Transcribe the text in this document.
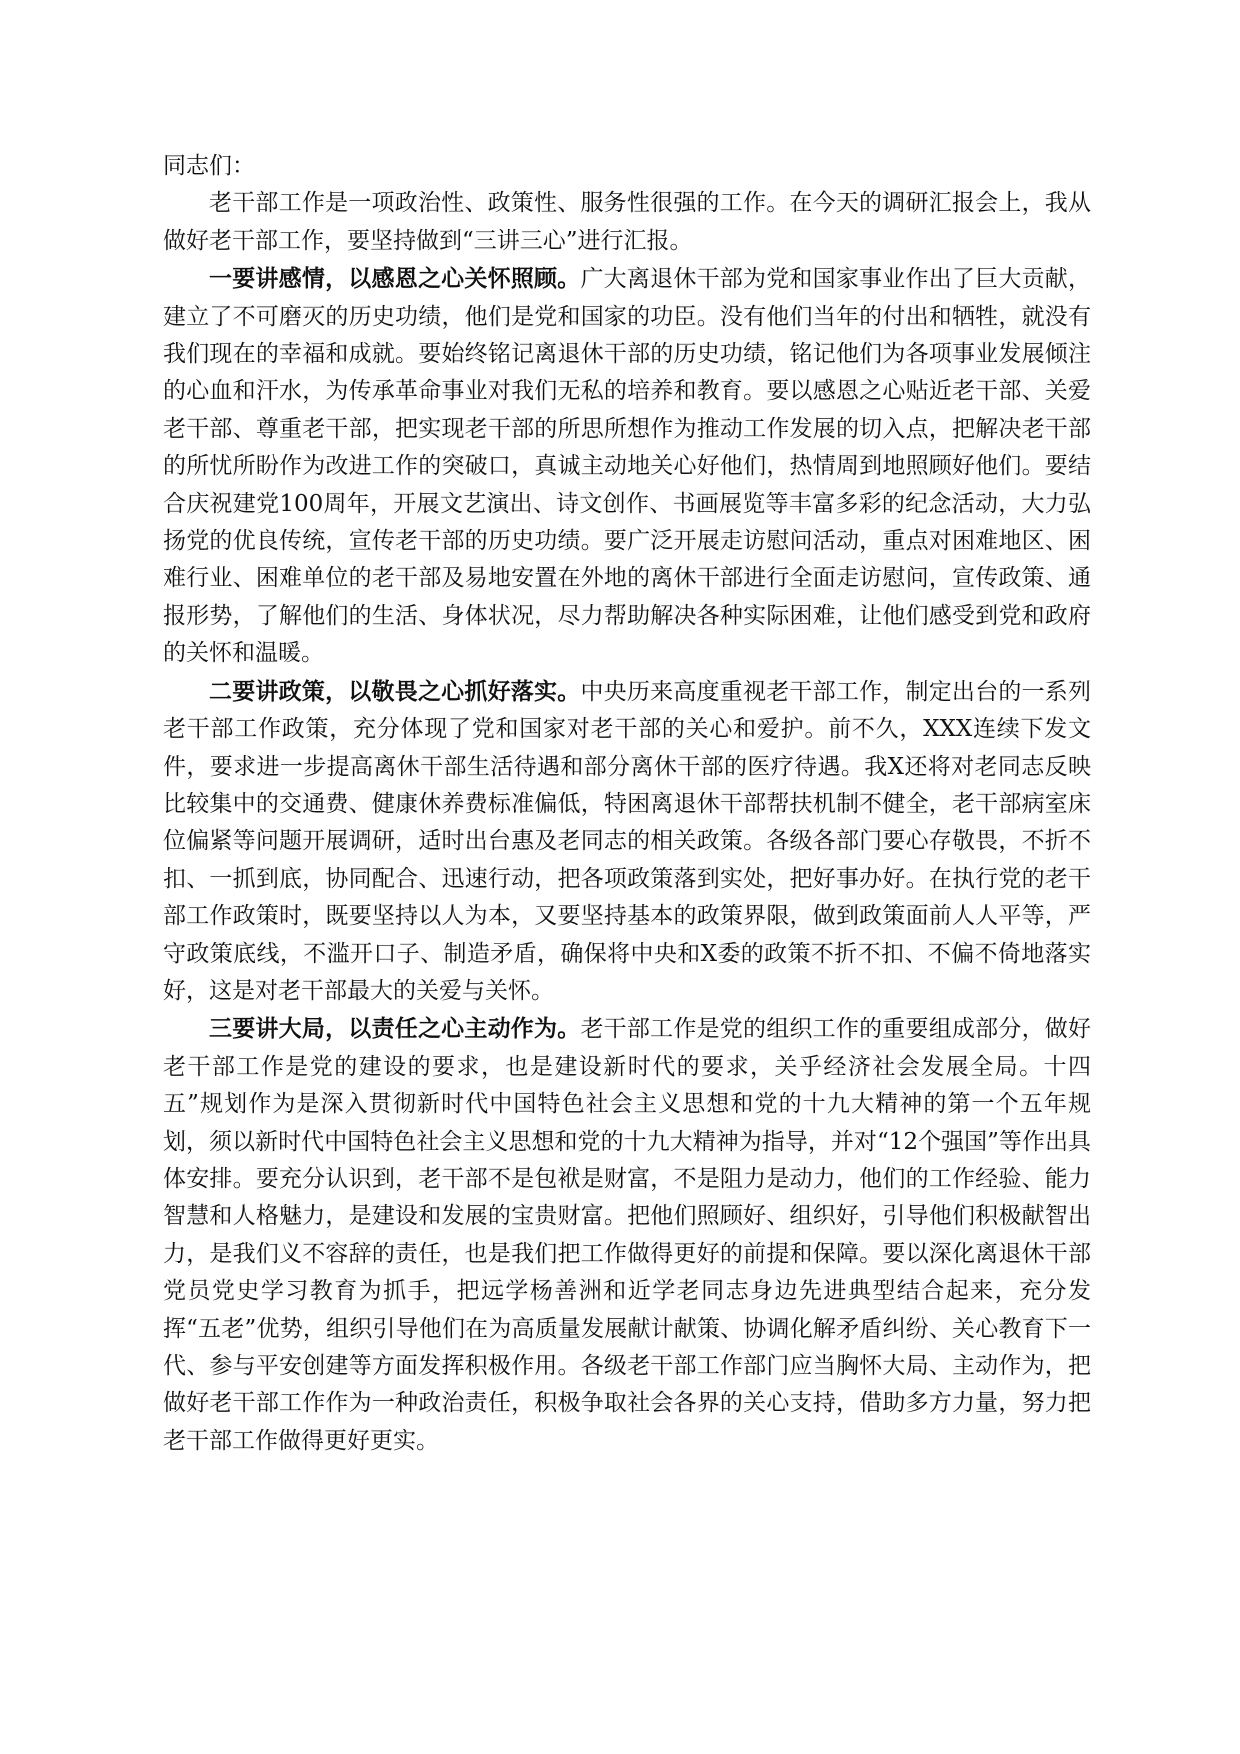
同志们：

老干部工作是一项政治性、政策性、服务性很强的工作。在今天的调研汇报会上，我从做好老干部工作，要坚持做到“三讲三心”进行汇报。

一要讲感情，以感恩之心关怀照顾。广大离退休干部为党和国家事业作出了巨大贡献，建立了不可磨灭的历史功绩，他们是党和国家的功臣。没有他们当年的付出和牺牲，就没有我们现在的幸福和成就。要始终铭记离退休干部的历史功绩，铭记他们为各项事业发展倾注的心血和汗水，为传承革命事业对我们无私的培养和教育。要以感恩之心贴近老干部、关爱老干部、尊重老干部，把实现老干部的所思所想作为推动工作发展的切入点，把解决老干部的所忧所盼作为改进工作的突破口，真诚主动地关心好他们，热情周到地照顾好他们。要结合庆祝建党100周年，开展文艺演出、诗文创作、书画展览等丰富多彩的纪念活动，大力弘扬党的优良传统，宣传老干部的历史功绩。要广泛开展走访慰问活动，重点对困难地区、困难行业、困难单位的老干部及易地安置在外地的离休干部进行全面走访慰问，宣传政策、通报形势，了解他们的生活、身体状况，尽力帮助解决各种实际困难，让他们感受到党和政府的关怀和温暖。

二要讲政策，以敬畏之心抓好落实。中央历来高度重视老干部工作，制定出台的一系列老干部工作政策，充分体现了党和国家对老干部的关心和爱护。前不久，XXX连续下发文件，要求进一步提高离休干部生活待遇和部分离休干部的医疗待遇。我X还将对老同志反映比较集中的交通费、健康休养费标准偏低，特困离退休干部帮扶机制不健全，老干部病室床位偏紧等问题开展调研，适时出台惠及老同志的相关政策。各级各部门要心存敬畏，不折不扣、一抓到底，协同配合、迅速行动，把各项政策落到实处，把好事办好。在执行党的老干部工作政策时，既要坚持以人为本，又要坚持基本的政策界限，做到政策面前人人平等，严守政策底线，不滥开口子、制造矛盾，确保将中央和X委的政策不折不扣、不偏不倚地落实好，这是对老干部最大的关爱与关怀。

三要讲大局，以责任之心主动作为。老干部工作是党的组织工作的重要组成部分，做好老干部工作是党的建设的要求，也是建设新时代的要求，关乎经济社会发展全局。十四五”规划作为是深入贯彻新时代中国特色社会主义思想和党的十九大精神的第一个五年规划，须以新时代中国特色社会主义思想和党的十九大精神为指导，并对“12个强国”等作出具体安排。要充分认识到，老干部不是包袱是财富，不是阻力是动力，他们的工作经验、能力智慧和人格魅力，是建设和发展的宝贵财富。把他们照顾好、组织好，引导他们积极献智出力，是我们义不容辞的责任，也是我们把工作做得更好的前提和保障。要以深化离退休干部党员党史学习教育为抓手，把远学杨善洲和近学老同志身边先进典型结合起来，充分发挥“五老”优势，组织引导他们在为高质量发展献计献策、协调化解矛盾纠纷、关心教育下一代、参与平安创建等方面发挥积极作用。各级老干部工作部门应当胸怀大局、主动作为，把做好老干部工作作为一种政治责任，积极争取社会各界的关心支持，借助多方力量，努力把老干部工作做得更好更实。
